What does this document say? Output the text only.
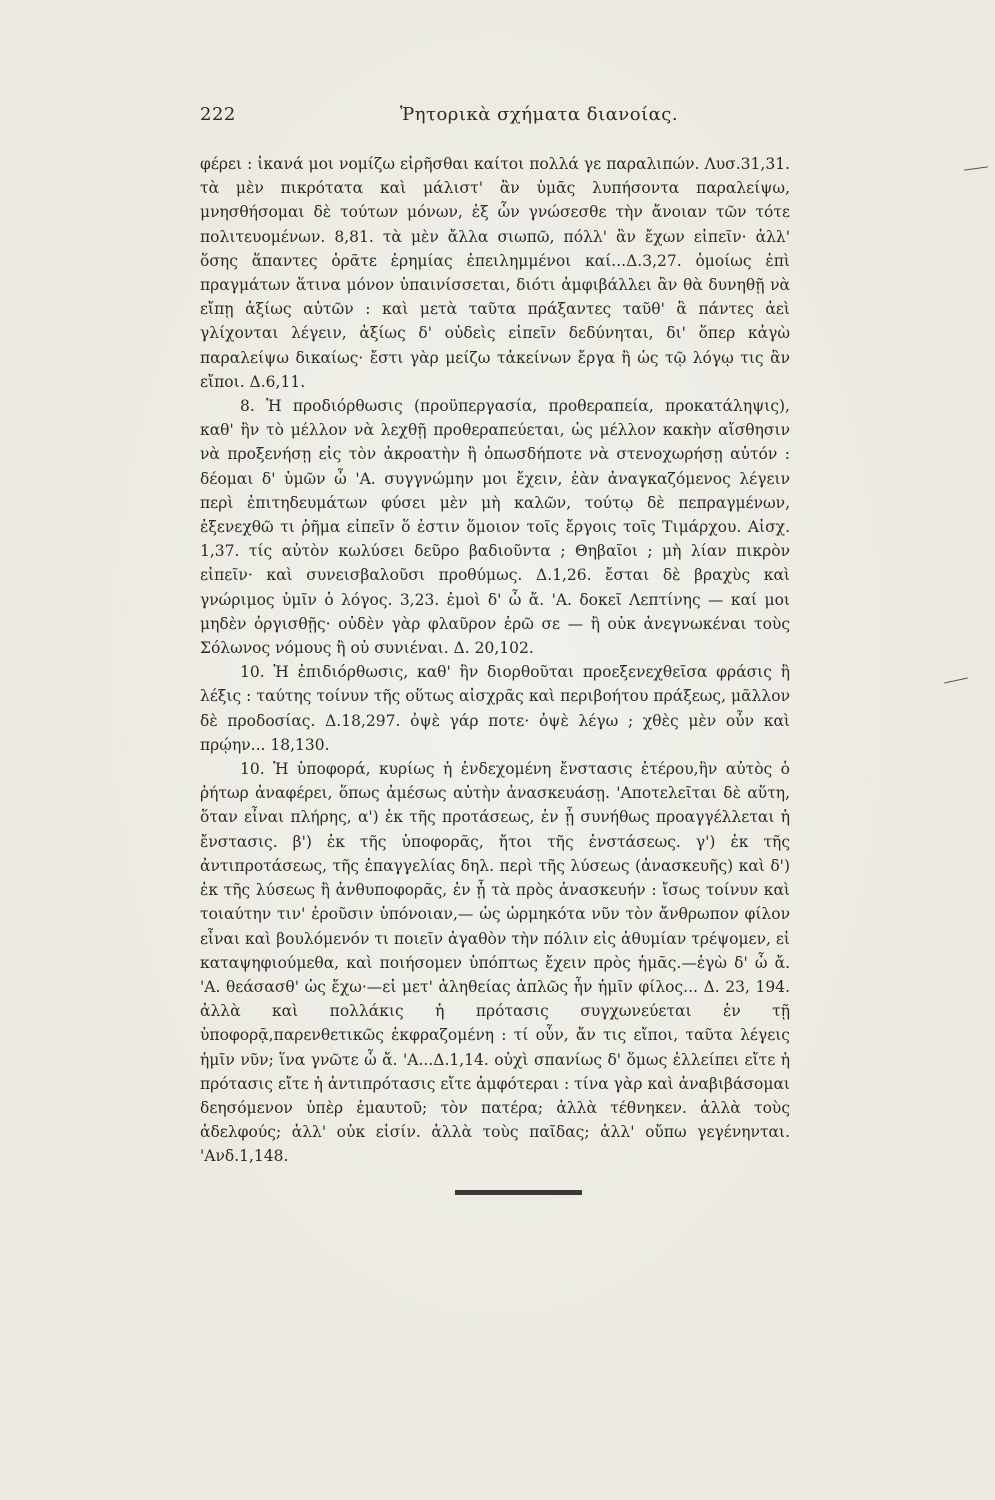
222	Ῥητορικὰ σχήματα διανοίας.

φέρει : ἱκανά μοι νομίζω εἰρῆσθαι καίτοι πολλά γε παραλιπών. Λυσ.31,31. τὰ μὲν πικρότατα καὶ μάλιστ' ἂν ὑμᾶς λυπήσοντα παραλείψω, μνησθήσομαι δὲ τούτων μόνων, ἐξ ὧν γνώσεσθε τὴν ἄνοιαν τῶν τότε πολιτευομένων. 8,81. τὰ μὲν ἄλλα σιωπῶ, πόλλ' ἂν ἔχων εἰπεῖν· ἀλλ' ὅσης ἅπαντες ὁρᾶτε ἐρημίας ἐπειλημμένοι καί...Δ.3,27. ὁμοίως ἐπὶ πραγμάτων ἅτινα μόνον ὑπαινίσσεται, διότι ἀμφιβάλλει ἂν θὰ δυνηθῇ νὰ εἴπῃ ἀξίως αὐτῶν : καὶ μετὰ ταῦτα πράξαντες ταῦθ' ἃ πάντες ἀεὶ γλίχονται λέγειν, ἀξίως δ' οὐδεὶς εἰπεῖν δεδύνηται, δι' ὅπερ κἀγὼ παραλείψω δικαίως· ἔστι γὰρ μείζω τἀκείνων ἔργα ἢ ὡς τῷ λόγῳ τις ἂν εἴποι. Δ.6,11.

8. Ἡ προδιόρθωσις (προϋπεργασία, προθεραπεία, προκατάληψις), καθ' ἣν τὸ μέλλον νὰ λεχθῇ προθεραπεύεται, ὡς μέλλον κακὴν αἴσθησιν νὰ προξενήσῃ εἰς τὸν ἀκροατὴν ἢ ὁπωσδήποτε νὰ στενοχωρήσῃ αὐτόν : δέομαι δ' ὑμῶν ὦ 'Α. συγγνώμην μοι ἔχειν, ἐὰν ἀναγκαζόμενος λέγειν περὶ ἐπιτηδευμάτων φύσει μὲν μὴ καλῶν, τούτῳ δὲ πεπραγμένων, ἐξενεχθῶ τι ῥῆμα εἰπεῖν ὅ ἐστιν ὅμοιον τοῖς ἔργοις τοῖς Τιμάρχου. Αἰσχ. 1,37. τίς αὐτὸν κωλύσει δεῦρο βαδιοῦντα ; Θηβαῖοι ; μὴ λίαν πικρὸν εἰπεῖν· καὶ συνεισβαλοῦσι προθύμως. Δ.1,26. ἔσται δὲ βραχὺς καὶ γνώριμος ὑμῖν ὁ λόγος. 3,23. ἐμοὶ δ' ὦ ἄ. 'Α. δοκεῖ Λεπτίνης — καί μοι μηδὲν ὀργισθῇς· οὐδὲν γὰρ φλαῦρον ἐρῶ σε — ἢ οὐκ ἀνεγνωκέναι τοὺς Σόλωνος νόμους ἢ οὐ συνιέναι. Δ. 20,102.

10. Ἡ ἐπιδιόρθωσις, καθ' ἣν διορθοῦται προεξενεχθεῖσα φράσις ἢ λέξις : ταύτης τοίνυν τῆς οὕτως αἰσχρᾶς καὶ περιβοήτου πράξεως, μᾶλλον δὲ προδοσίας. Δ.18,297. ὀψὲ γάρ ποτε· ὀψὲ λέγω ; χθὲς μὲν οὖν καὶ πρῴην... 18,130.

10. Ἡ ὑποφορά, κυρίως ἡ ἐνδεχομένη ἔνστασις ἑτέρου,ἣν αὐτὸς ὁ ῥήτωρ ἀναφέρει, ὅπως ἀμέσως αὐτὴν ἀνασκευάσῃ. 'Αποτελεῖται δὲ αὕτη, ὅταν εἶναι πλήρης, α') ἐκ τῆς προτάσεως, ἐν ᾗ συνήθως προαγγέλλεται ἡ ἔνστασις. β') ἐκ τῆς ὑποφορᾶς, ἤτοι τῆς ἐνστάσεως. γ') ἐκ τῆς ἀντιπροτάσεως, τῆς ἐπαγγελίας δηλ. περὶ τῆς λύσεως (ἀνασκευῆς) καὶ δ') ἐκ τῆς λύσεως ἢ ἀνθυποφορᾶς, ἐν ᾗ τὰ πρὸς ἀνασκευήν : ἴσως τοίνυν καὶ τοιαύτην τιν' ἐροῦσιν ὑπόνοιαν,— ὡς ὡρμηκότα νῦν τὸν ἄνθρωπον φίλον εἶναι καὶ βουλόμενόν τι ποιεῖν ἀγαθὸν τὴν πόλιν εἰς ἀθυμίαν τρέψομεν, εἰ καταψηφιούμεθα, καὶ ποιήσομεν ὑπόπτως ἔχειν πρὸς ἡμᾶς.—ἐγὼ δ' ὦ ἄ. 'Α. θεάσασθ' ὡς ἔχω·—εἰ μετ' ἀληθείας ἁπλῶς ἦν ἡμῖν φίλος... Δ. 23, 194. ἀλλὰ καὶ πολλάκις ἡ πρότασις συγχωνεύεται ἐν τῇ ὑποφορᾷ,παρενθετικῶς ἐκφραζομένη : τί οὖν, ἄν τις εἴποι, ταῦτα λέγεις ἡμῖν νῦν; ἵνα γνῶτε ὦ ἄ. 'Α...Δ.1,14. οὐχὶ σπανίως δ' ὅμως ἐλλείπει εἴτε ἡ πρότασις εἴτε ἡ ἀντιπρότασις εἴτε ἀμφότεραι : τίνα γὰρ καὶ ἀναβιβάσομαι δεησόμενον ὑπὲρ ἐμαυτοῦ; τὸν πατέρα; ἀλλὰ τέθνηκεν. ἀλλὰ τοὺς ἀδελφούς; ἀλλ' οὐκ εἰσίν. ἀλλὰ τοὺς παῖδας; ἀλλ' οὔπω γεγένηνται. 'Ανδ.1,148.
